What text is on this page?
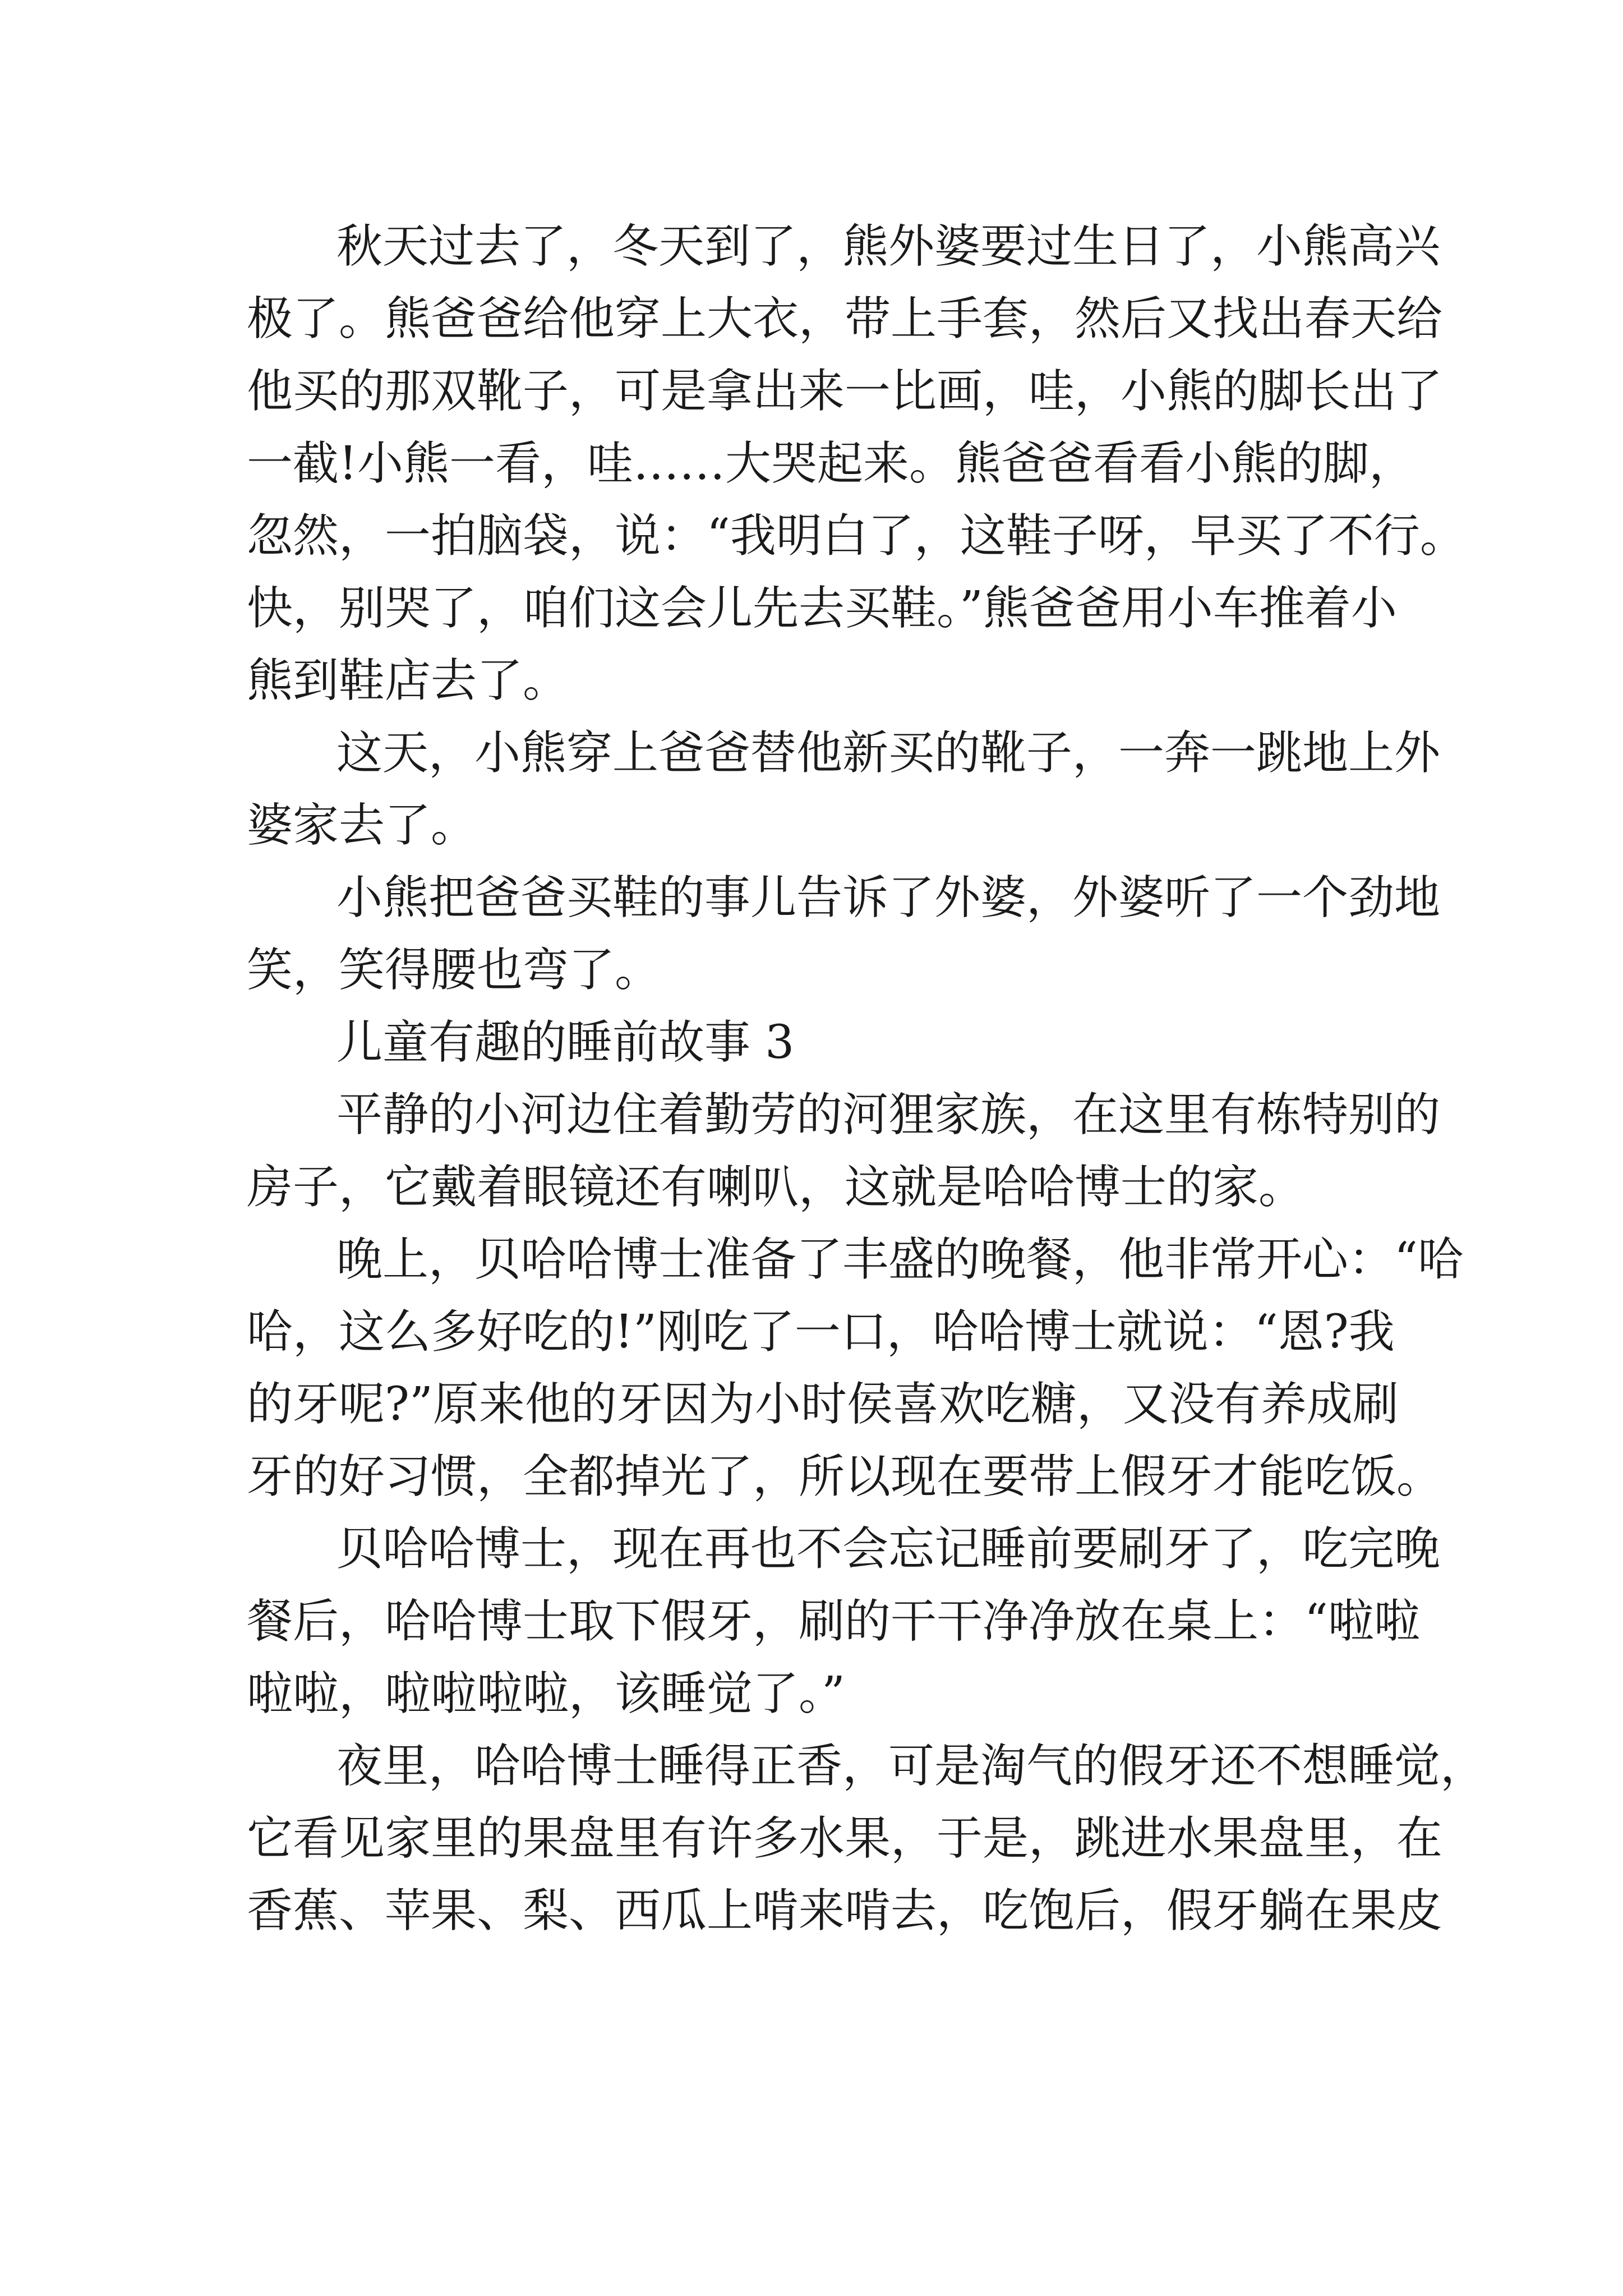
秋天过去了，冬天到了，熊外婆要过生日了，小熊高兴

极了。熊爸爸给他穿上大衣，带上手套，然后又找出春天给

他买的那双靴子，可是拿出来一比画，哇，小熊的脚长出了

一截!小熊一看，哇……大哭起来。熊爸爸看看小熊的脚，

忽然，一拍脑袋，说：“我明白了，这鞋子呀，早买了不行。

快，别哭了，咱们这会儿先去买鞋。”熊爸爸用小车推着小

熊到鞋店去了。

这天，小熊穿上爸爸替他新买的靴子，一奔一跳地上外

婆家去了。

小熊把爸爸买鞋的事儿告诉了外婆，外婆听了一个劲地

笑，笑得腰也弯了。

儿童有趣的睡前故事 3

平静的小河边住着勤劳的河狸家族，在这里有栋特别的

房子，它戴着眼镜还有喇叭，这就是哈哈博士的家。

晚上，贝哈哈博士准备了丰盛的晚餐，他非常开心：“哈

哈，这么多好吃的!”刚吃了一口，哈哈博士就说：“恩?我

的牙呢?”原来他的牙因为小时侯喜欢吃糖，又没有养成刷

牙的好习惯，全都掉光了，所以现在要带上假牙才能吃饭。

贝哈哈博士，现在再也不会忘记睡前要刷牙了，吃完晚

餐后，哈哈博士取下假牙，刷的干干净净放在桌上：“啦啦

啦啦，啦啦啦啦，该睡觉了。”

夜里，哈哈博士睡得正香，可是淘气的假牙还不想睡觉，

它看见家里的果盘里有许多水果，于是，跳进水果盘里，在

香蕉、苹果、梨、西瓜上啃来啃去，吃饱后，假牙躺在果皮
